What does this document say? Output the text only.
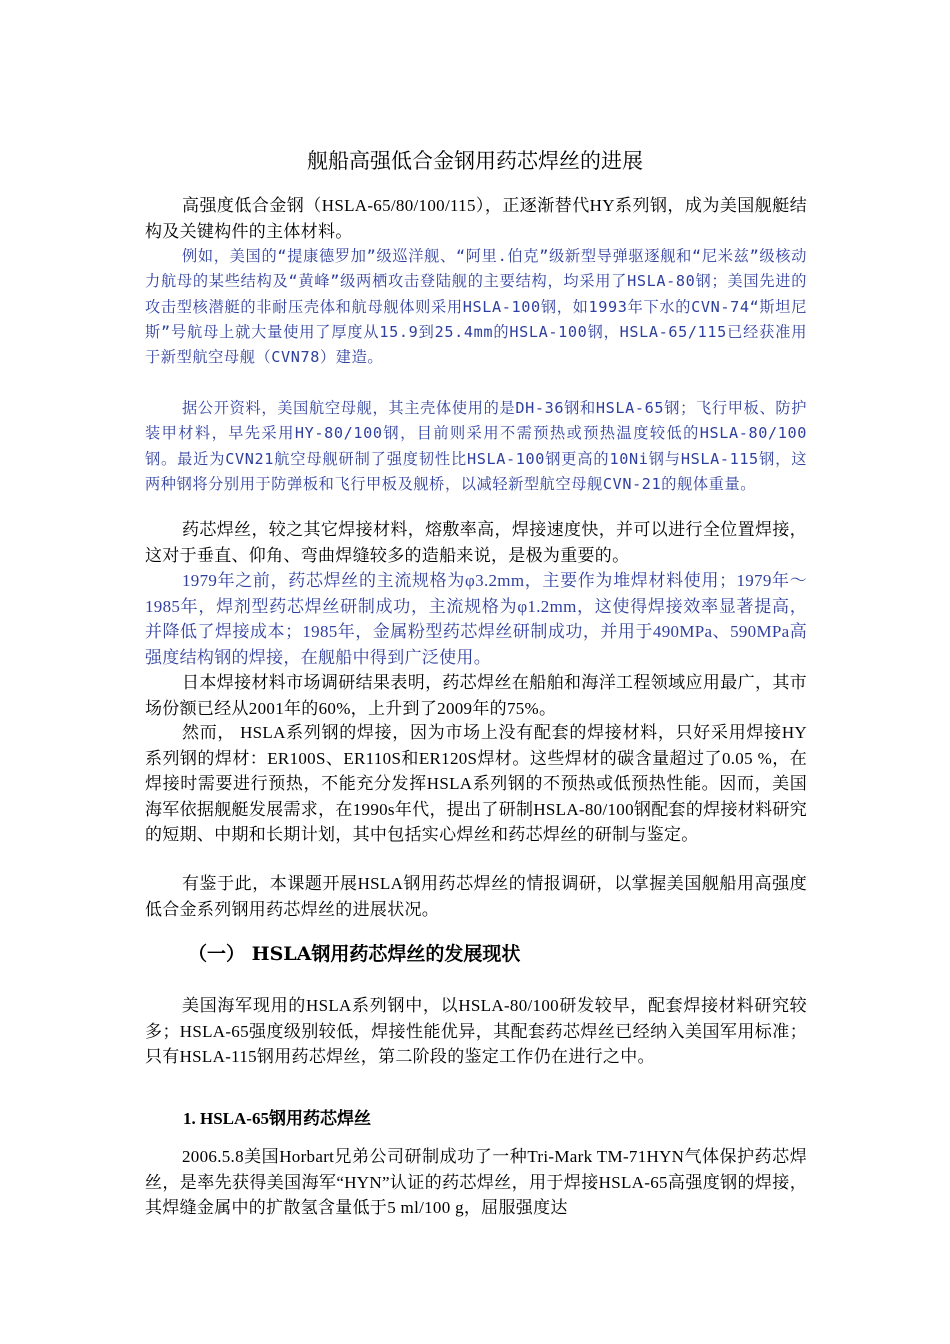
舰船高强低合金钢用药芯焊丝的进展

高强度低合金钢（HSLA-65/80/100/115），正逐渐替代HY系列钢，成为美国舰艇结构及关键构件的主体材料。

例如，美国的“提康德罗加”级巡洋舰、“阿里.伯克”级新型导弹驱逐舰和“尼米兹”级核动力航母的某些结构及“黄峰”级两栖攻击登陆舰的主要结构，均采用了HSLA-80钢；美国先进的攻击型核潜艇的非耐压壳体和航母舰体则采用HSLA-100钢，如1993年下水的CVN-74“斯坦尼斯”号航母上就大量使用了厚度从15.9到25.4mm的HSLA-100钢，HSLA-65/115已经获准用于新型航空母舰（CVN78）建造。

据公开资料，美国航空母舰，其主壳体使用的是DH-36钢和HSLA-65钢；飞行甲板、防护装甲材料，早先采用HY-80/100钢，目前则采用不需预热或预热温度较低的HSLA-80/100钢。最近为CVN21航空母舰研制了强度韧性比HSLA-100钢更高的10Ni钢与HSLA-115钢，这两种钢将分别用于防弹板和飞行甲板及舰桥，以减轻新型航空母舰CVN-21的舰体重量。

药芯焊丝，较之其它焊接材料，熔敷率高，焊接速度快，并可以进行全位置焊接，这对于垂直、仰角、弯曲焊缝较多的造船来说，是极为重要的。

1979年之前，药芯焊丝的主流规格为φ3.2mm，主要作为堆焊材料使用；1979年～1985年，焊剂型药芯焊丝研制成功，主流规格为φ1.2mm，这使得焊接效率显著提高，并降低了焊接成本；1985年，金属粉型药芯焊丝研制成功，并用于490MPa、590MPa高强度结构钢的焊接，在舰船中得到广泛使用。

日本焊接材料市场调研结果表明，药芯焊丝在船舶和海洋工程领域应用最广，其市场份额已经从2001年的60%，上升到了2009年的75%。

然而， HSLA系列钢的焊接，因为市场上没有配套的焊接材料，只好采用焊接HY系列钢的焊材：ER100S、ER110S和ER120S焊材。这些焊材的碳含量超过了0.05 %，在焊接时需要进行预热，不能充分发挥HSLA系列钢的不预热或低预热性能。因而，美国海军依据舰艇发展需求，在1990s年代，提出了研制HSLA-80/100钢配套的焊接材料研究的短期、中期和长期计划，其中包括实心焊丝和药芯焊丝的研制与鉴定。

有鉴于此，本课题开展HSLA钢用药芯焊丝的情报调研，以掌握美国舰船用高强度低合金系列钢用药芯焊丝的进展状况。

（一） HSLA钢用药芯焊丝的发展现状

美国海军现用的HSLA系列钢中，以HSLA-80/100研发较早，配套焊接材料研究较多；HSLA-65强度级别较低，焊接性能优异，其配套药芯焊丝已经纳入美国军用标准；只有HSLA-115钢用药芯焊丝，第二阶段的鉴定工作仍在进行之中。

1. HSLA-65钢用药芯焊丝

2006.5.8美国Horbart兄弟公司研制成功了一种Tri-Mark TM-71HYN气体保护药芯焊丝，是率先获得美国海军“HYN”认证的药芯焊丝，用于焊接HSLA-65高强度钢的焊接，其焊缝金属中的扩散氢含量低于5 ml/100 g，屈服强度达
